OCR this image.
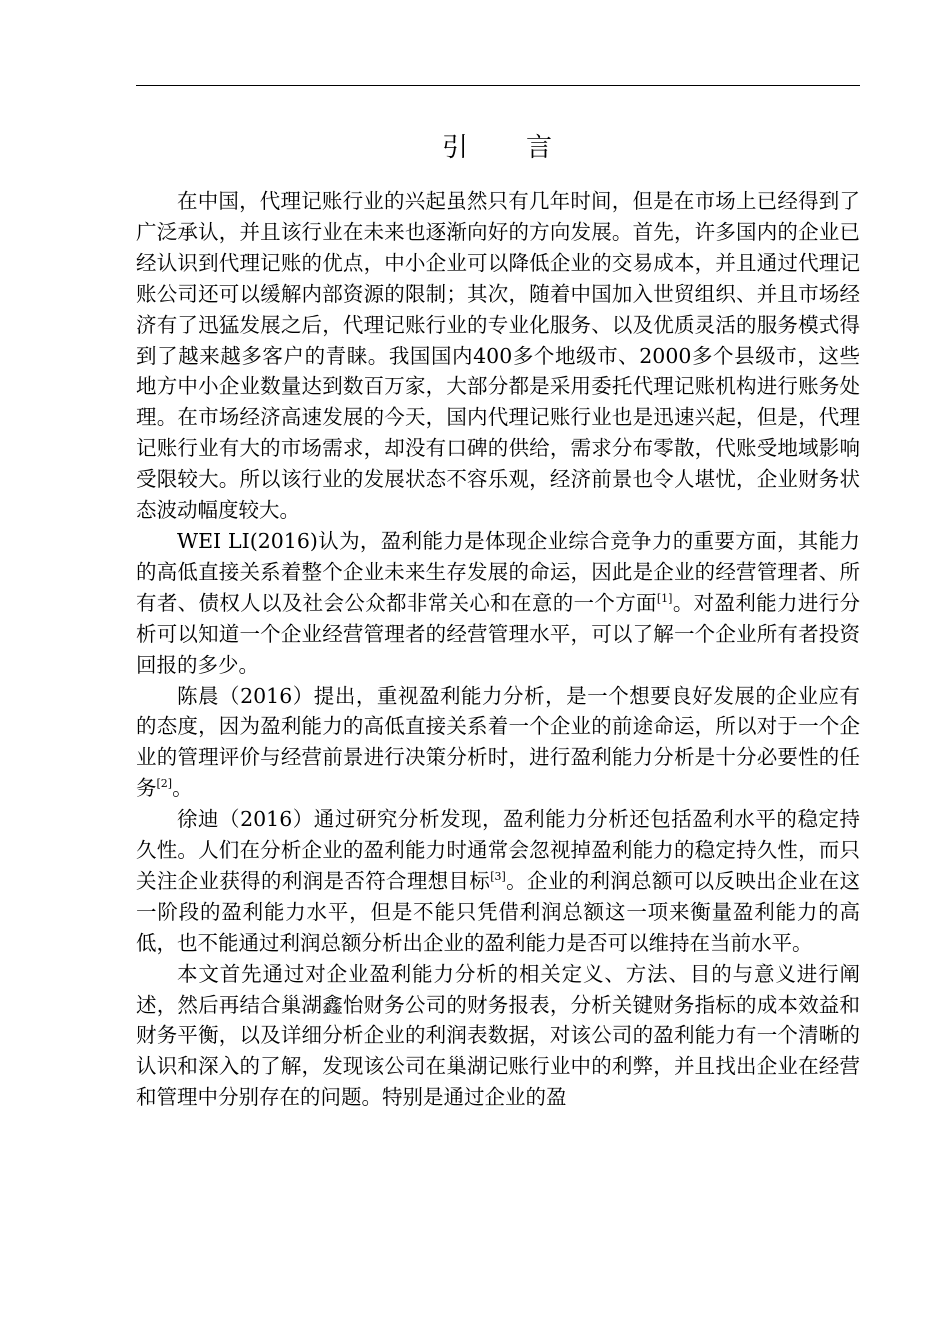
引　　言

在中国，代理记账行业的兴起虽然只有几年时间，但是在市场上已经得到了广泛承认，并且该行业在未来也逐渐向好的方向发展。首先，许多国内的企业已经认识到代理记账的优点，中小企业可以降低企业的交易成本，并且通过代理记账公司还可以缓解内部资源的限制；其次，随着中国加入世贸组织、并且市场经济有了迅猛发展之后，代理记账行业的专业化服务、以及优质灵活的服务模式得到了越来越多客户的青睐。我国国内400多个地级市、2000多个县级市，这些地方中小企业数量达到数百万家，大部分都是采用委托代理记账机构进行账务处理。在市场经济高速发展的今天，国内代理记账行业也是迅速兴起，但是，代理记账行业有大的市场需求，却没有口碑的供给，需求分布零散，代账受地域影响受限较大。所以该行业的发展状态不容乐观，经济前景也令人堪忧，企业财务状态波动幅度较大。

WEI LI(2016)认为，盈利能力是体现企业综合竞争力的重要方面，其能力的高低直接关系着整个企业未来生存发展的命运，因此是企业的经营管理者、所有者、债权人以及社会公众都非常关心和在意的一个方面[1]。对盈利能力进行分析可以知道一个企业经营管理者的经营管理水平，可以了解一个企业所有者投资回报的多少。

陈晨（2016）提出，重视盈利能力分析，是一个想要良好发展的企业应有的态度，因为盈利能力的高低直接关系着一个企业的前途命运，所以对于一个企业的管理评价与经营前景进行决策分析时，进行盈利能力分析是十分必要性的任务[2]。

徐迪（2016）通过研究分析发现，盈利能力分析还包括盈利水平的稳定持久性。人们在分析企业的盈利能力时通常会忽视掉盈利能力的稳定持久性，而只关注企业获得的利润是否符合理想目标[3]。企业的利润总额可以反映出企业在这一阶段的盈利能力水平，但是不能只凭借利润总额这一项来衡量盈利能力的高低，也不能通过利润总额分析出企业的盈利能力是否可以维持在当前水平。

本文首先通过对企业盈利能力分析的相关定义、方法、目的与意义进行阐述，然后再结合巢湖鑫怡财务公司的财务报表，分析关键财务指标的成本效益和财务平衡，以及详细分析企业的利润表数据，对该公司的盈利能力有一个清晰的认识和深入的了解，发现该公司在巢湖记账行业中的利弊，并且找出企业在经营和管理中分别存在的问题。特别是通过企业的盈
